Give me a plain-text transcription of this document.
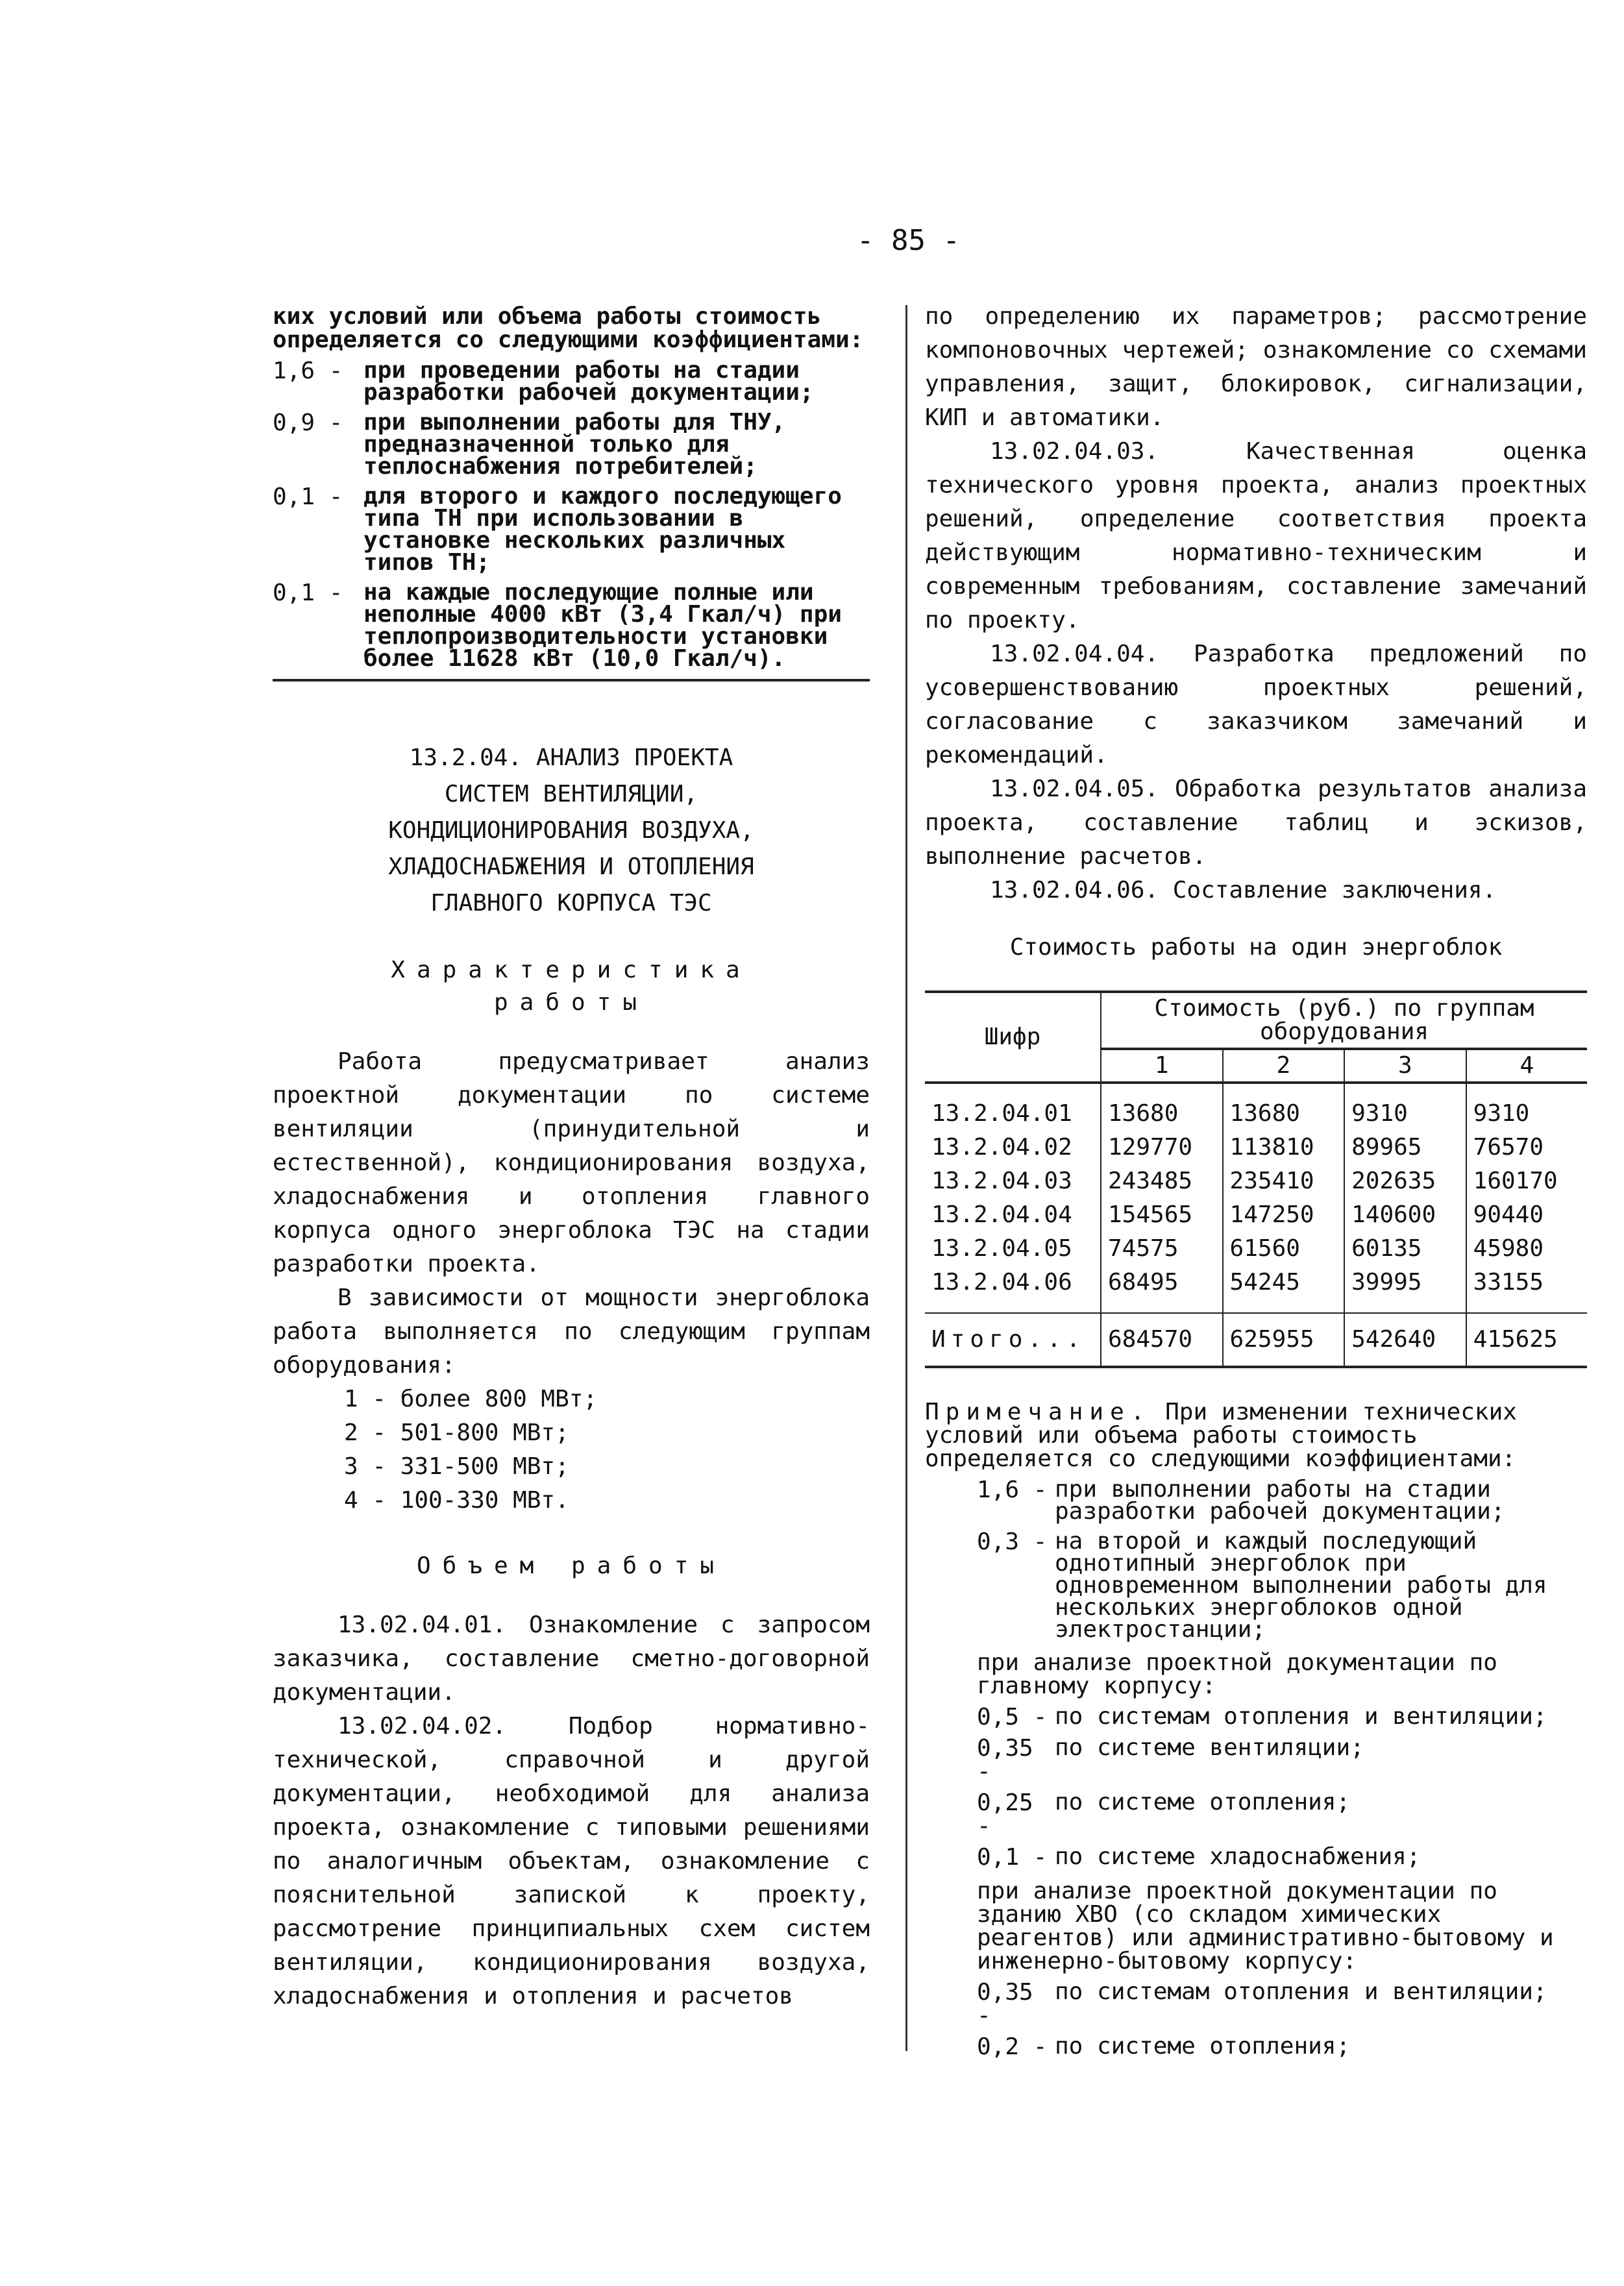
- 85 -

ких условий или объема работы стоимость определяется со следующими коэффициентами:

1,6 - при проведении работы на стадии разработки рабочей документации;
0,9 - при выполнении работы для ТНУ, предназначенной только для теплоснабжения потребителей;
0,1 - для второго и каждого последующего типа ТН при использовании в установке нескольких различных типов ТН;
0,1 - на каждые последующие полные или неполные 4000 кВт (3,4 Гкал/ч) при теплопроизводительности установки более 11628 кВт (10,0 Гкал/ч).
13.2.04. АНАЛИЗ ПРОЕКТА
СИСТЕМ ВЕНТИЛЯЦИИ,
КОНДИЦИОНИРОВАНИЯ ВОЗДУХА,
ХЛАДОСНАБЖЕНИЯ И ОТОПЛЕНИЯ
ГЛАВНОГО КОРПУСА ТЭС
Характеристика
работы

Работа предусматривает анализ проектной документации по системе вентиляции (принудительной и естественной), кондиционирования воздуха, хладоснабжения и отопления главного корпуса одного энергоблока ТЭС на стадии разработки проекта.

В зависимости от мощности энергоблока работа выполняется по следующим группам оборудования:

1 - более 800 МВт;
2 - 501-800 МВт;
3 - 331-500 МВт;
4 - 100-330 МВт.
Объем работы

13.02.04.01. Ознакомление с запросом заказчика, составление сметно-договорной документации.

13.02.04.02. Подбор нормативно-технической, справочной и другой документации, необходимой для анализа проекта, ознакомление с типовыми решениями по аналогичным объектам, ознакомление с пояснительной запиской к проекту, рассмотрение принципиальных схем систем вентиляции, кондиционирования воздуха, хладоснабжения и отопления и расчетов

по определению их параметров; рассмотрение компоновочных чертежей; ознакомление со схемами управления, защит, блокировок, сигнализации, КИП и автоматики.

13.02.04.03. Качественная оценка технического уровня проекта, анализ проектных решений, определение соответствия проекта действующим нормативно-техническим и современным требованиям, составление замечаний по проекту.

13.02.04.04. Разработка предложений по усовершенствованию проектных решений, согласование с заказчиком замечаний и рекомендаций.

13.02.04.05. Обработка результатов анализа проекта, составление таблиц и эскизов, выполнение расчетов.

13.02.04.06. Составление заключения.

Стоимость работы на один энергоблок

Шифр	Стоимость (руб.) по группам оборудования			
	1	2	3	4
13.2.04.01	13680	13680	9310	9310
13.2.04.02	129770	113810	89965	76570
13.2.04.03	243485	235410	202635	160170
13.2.04.04	154565	147250	140600	90440
13.2.04.05	74575	61560	60135	45980
13.2.04.06	68495	54245	39995	33155
Итого...	684570	625955	542640	415625

Примечание. При изменении технических условий или объема работы стоимость определяется со следующими коэффициентами:

1,6 - при выполнении работы на стадии разработки рабочей документации;
0,3 - на второй и каждый последующий однотипный энергоблок при одновременном выполнении работы для нескольких энергоблоков одной электростанции;

при анализе проектной документации по главному корпусу:

0,5 - по системам отопления и вентиляции;
0,35 -
по системе вентиляции;
0,25 -
по системе отопления;
0,1 - по системе хладоснабжения;

при анализе проектной документации по зданию ХВО (со складом химических реагентов) или административно-бытовому и инженерно-бытовому корпусу:

0,35 -
по системам отопления и вентиляции;
0,2 - по системе отопления;
